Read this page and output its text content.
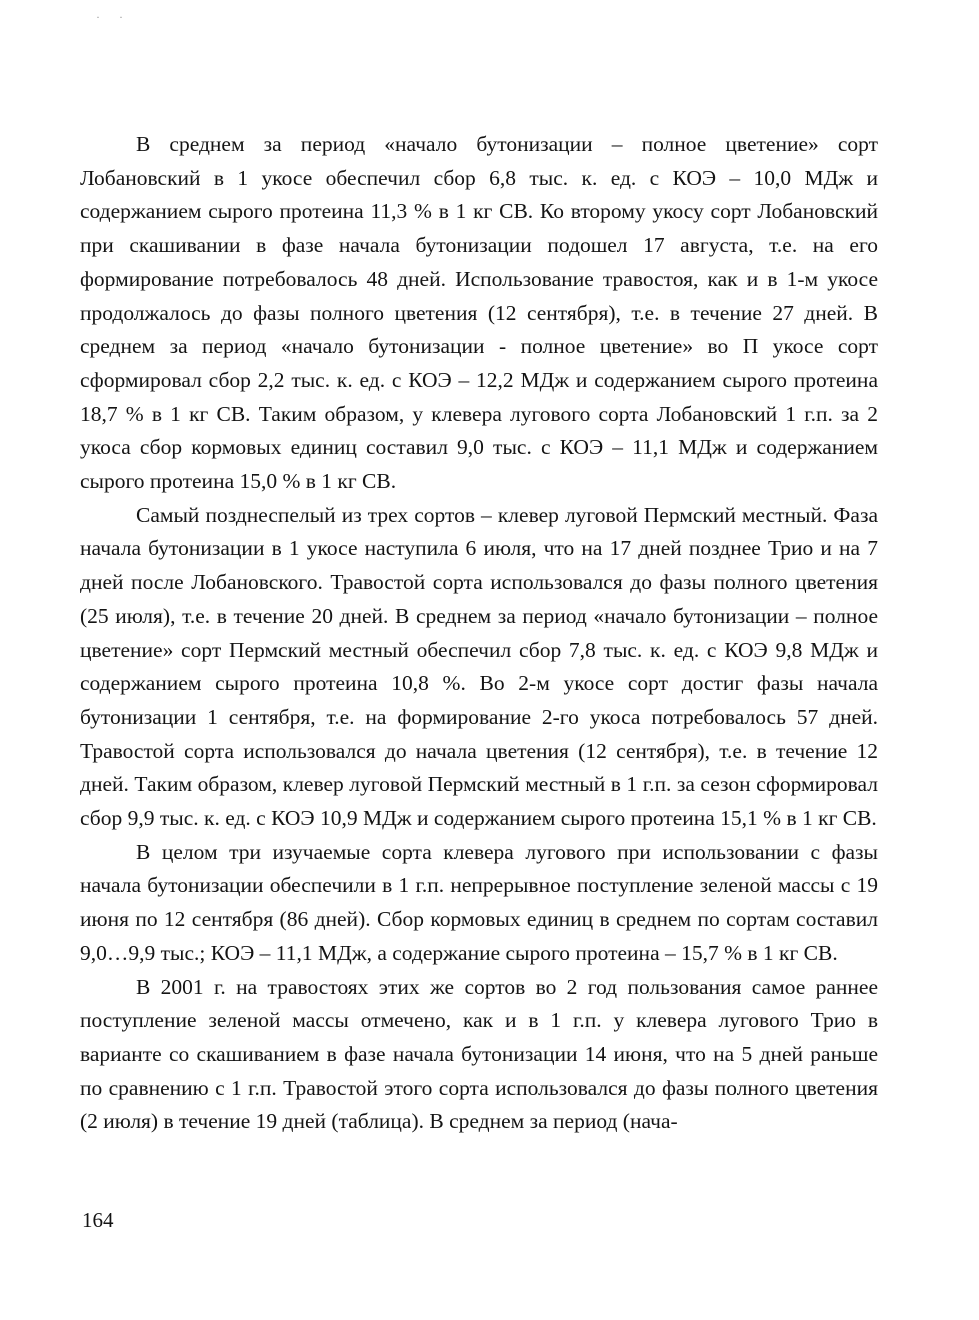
· ·

В среднем за период «начало бутонизации – полное цветение» сорт Лобановский в 1 укосе обеспечил сбор 6,8 тыс. к. ед. с КОЭ – 10,0 МДж и содержанием сырого протеина 11,3 % в 1 кг СВ. Ко второму укосу сорт Лобановский при скашивании в фазе начала бутонизации подошел 17 августа, т.е. на его формирование потребовалось 48 дней. Использование травостоя, как и в 1-м укосе продолжалось до фазы полного цветения (12 сентября), т.е. в течение 27 дней. В среднем за период «начало бутонизации - полное цветение» во П укосе сорт сформировал сбор 2,2 тыс. к. ед. с КОЭ – 12,2 МДж и содержанием сырого протеина 18,7 % в 1 кг СВ. Таким образом, у клевера лугового сорта Лобановский 1 г.п. за 2 укоса сбор кормовых единиц составил 9,0 тыс. с КОЭ – 11,1 МДж и содержанием сырого протеина 15,0 % в 1 кг СВ.

Самый позднеспелый из трех сортов – клевер луговой Пермский местный. Фаза начала бутонизации в 1 укосе наступила 6 июля, что на 17 дней позднее Трио и на 7 дней после Лобановского. Травостой сорта использовался до фазы полного цветения (25 июля), т.е. в течение 20 дней. В среднем за период «начало бутонизации – полное цветение» сорт Пермский местный обеспечил сбор 7,8 тыс. к. ед. с КОЭ 9,8 МДж и содержанием сырого протеина 10,8 %. Во 2-м укосе сорт достиг фазы начала бутонизации 1 сентября, т.е. на формирование 2-го укоса потребовалось 57 дней. Травостой сорта использовался до начала цветения (12 сентября), т.е. в течение 12 дней. Таким образом, клевер луговой Пермский местный в 1 г.п. за сезон сформировал сбор 9,9 тыс. к. ед. с КОЭ 10,9 МДж и содержанием сырого протеина 15,1 % в 1 кг СВ.

В целом три изучаемые сорта клевера лугового при использовании с фазы начала бутонизации обеспечили в 1 г.п. непрерывное поступление зеленой массы с 19 июня по 12 сентября (86 дней). Сбор кормовых единиц в среднем по сортам составил 9,0…9,9 тыс.; КОЭ – 11,1 МДж, а содержание сырого протеина – 15,7 % в 1 кг СВ.

В 2001 г. на травостоях этих же сортов во 2 год пользования самое раннее поступление зеленой массы отмечено, как и в 1 г.п. у клевера лугового Трио в варианте со скашиванием в фазе начала бутонизации 14 июня, что на 5 дней раньше по сравнению с 1 г.п. Травостой этого сорта использовался до фазы полного цветения (2 июля) в течение 19 дней (таблица). В среднем за период (нача-

164
